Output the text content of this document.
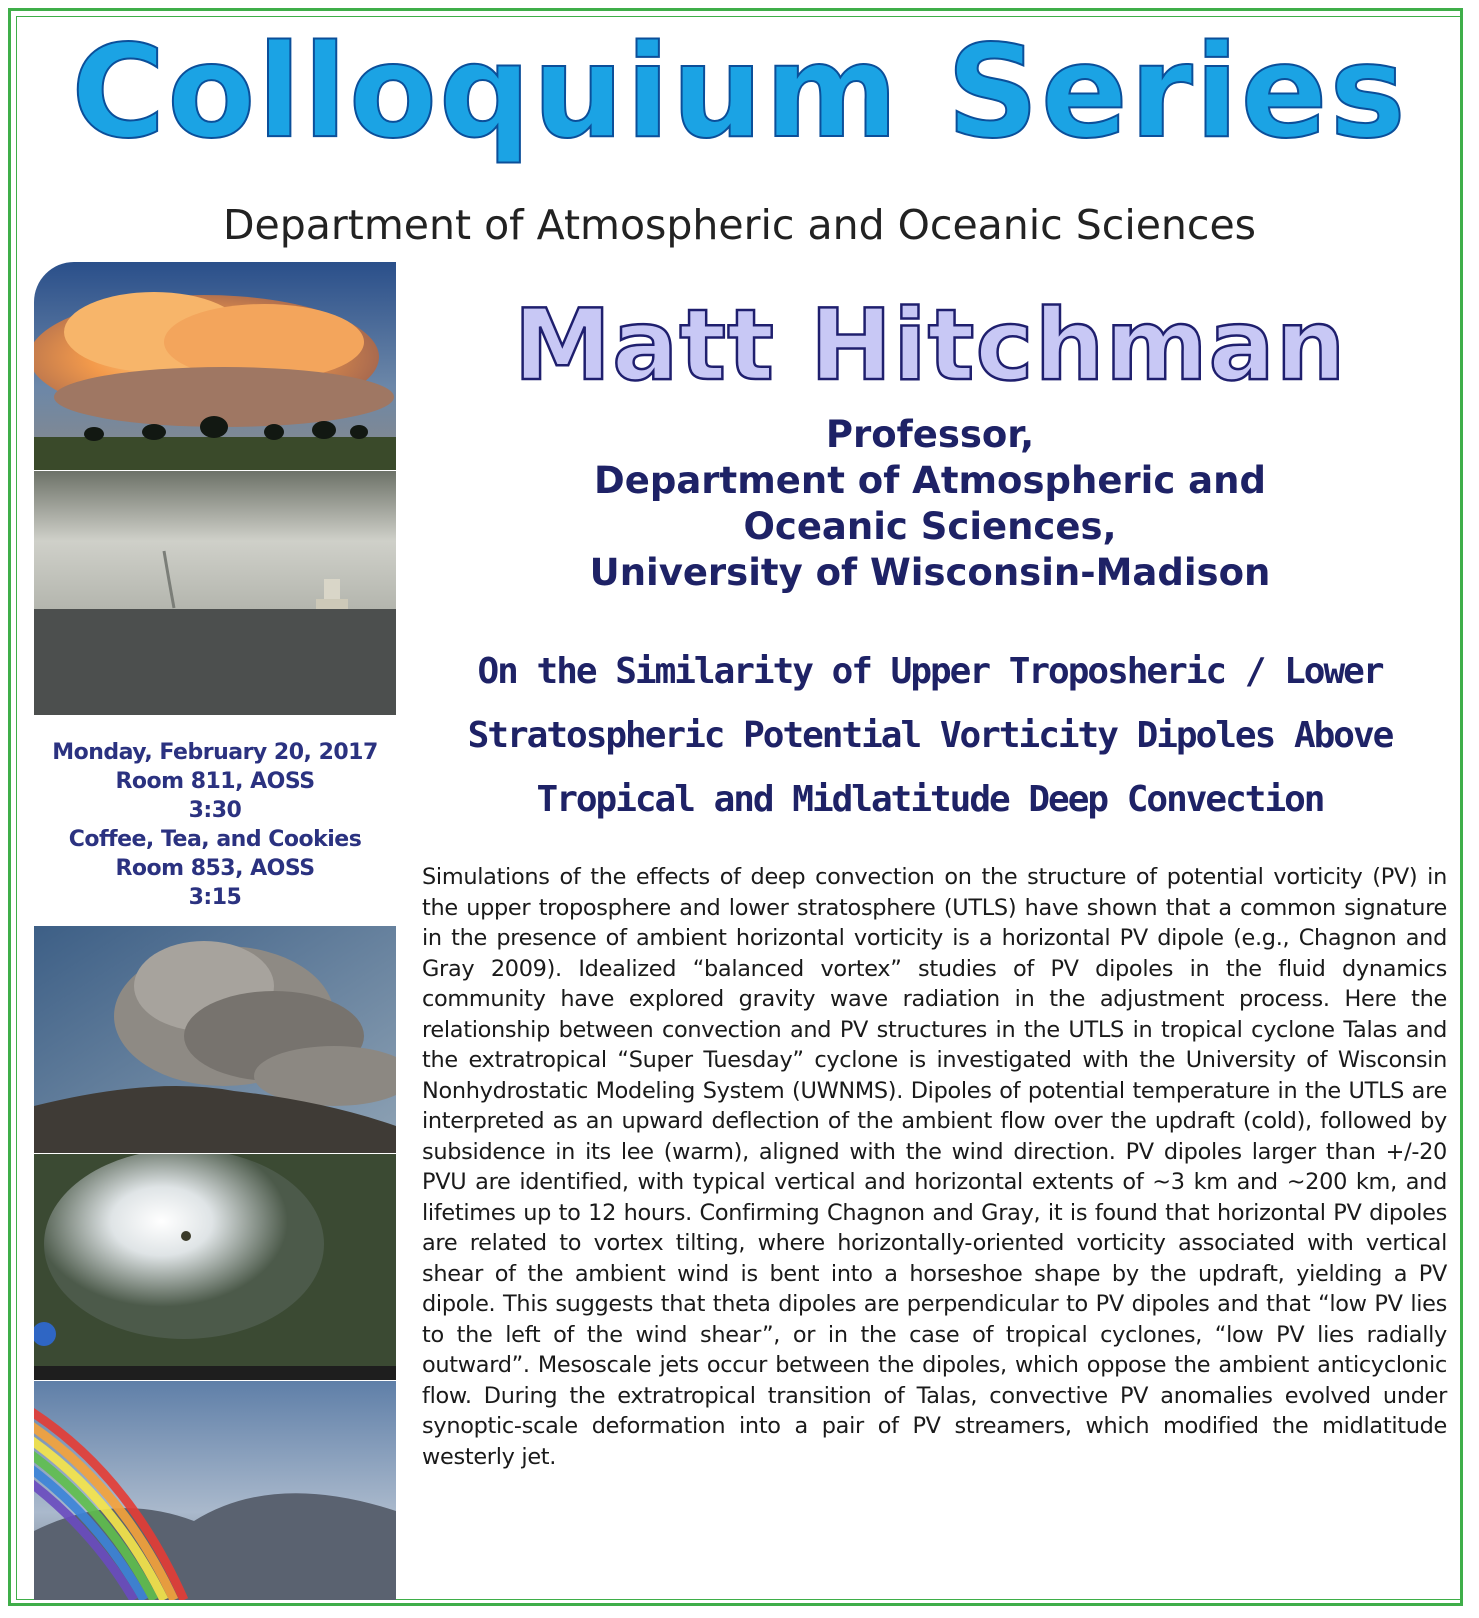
Colloquium Series
Department of Atmospheric and Oceanic Sciences
Monday, February 20, 2017
Room 811, AOSS
3:30
Coffee, Tea, and Cookies
Room 853, AOSS
3:15
Matt Hitchman
Professor,
Department of Atmospheric and
Oceanic Sciences,
University of Wisconsin-Madison
On the Similarity of Upper Troposheric / Lower
Stratospheric Potential Vorticity Dipoles Above
Tropical and Midlatitude Deep Convection
Simulations of the effects of deep convection on the structure of potential vorticity (PV) in the upper troposphere and lower stratosphere (UTLS) have shown that a common signature in the presence of ambient horizontal vorticity is a horizontal PV dipole (e.g., Chagnon and Gray 2009). Idealized “balanced vortex” studies of PV dipoles in the fluid dynamics community have explored gravity wave radiation in the adjustment process. Here the relationship between convection and PV structures in the UTLS in tropical cyclone Talas and the extratropical “Super Tuesday” cyclone is investigated with the University of Wisconsin Nonhydrostatic Modeling System (UWNMS). Dipoles of potential temperature in the UTLS are interpreted as an upward deflection of the ambient flow over the updraft (cold), followed by subsidence in its lee (warm), aligned with the wind direction. PV dipoles larger than +/-20 PVU are identified, with typical vertical and horizontal extents of ~3 km and ~200 km, and lifetimes up to 12 hours. Confirming Chagnon and Gray, it is found that horizontal PV dipoles are related to vortex tilting, where horizontally-oriented vorticity associated with vertical shear of the ambient wind is bent into a horseshoe shape by the updraft, yielding a PV dipole. This suggests that theta dipoles are perpendicular to PV dipoles and that “low PV lies to the left of the wind shear”, or in the case of tropical cyclones, “low PV lies radially outward”. Mesoscale jets occur between the dipoles, which oppose the ambient anticyclonic flow. During the extratropical transition of Talas, convective PV anomalies evolved under synoptic-scale deformation into a pair of PV streamers, which modified the midlatitude westerly jet.
